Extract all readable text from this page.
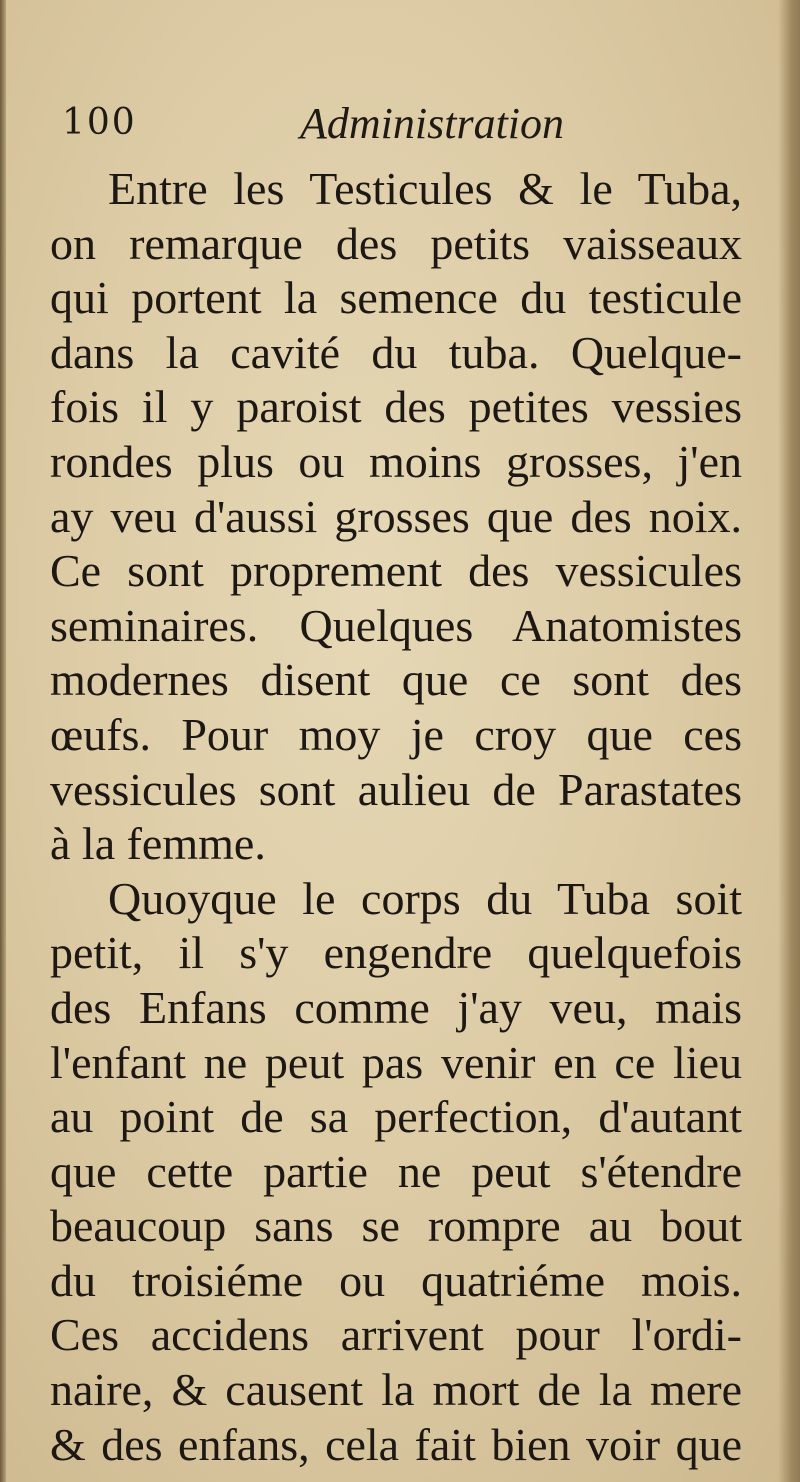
100	Administration
Entre les Testicules & le Tuba,
on remarque des petits vaisseaux
qui portent la semence du testicule
dans la cavité du tuba. Quelque-
fois il y paroist des petites vessies
rondes plus ou moins grosses, j'en
ay veu d'aussi grosses que des noix.
Ce sont proprement des vessicules
seminaires. Quelques Anatomistes
modernes disent que ce sont des
œufs. Pour moy je croy que ces
vessicules sont aulieu de Parastates
à la femme.
Quoyque le corps du Tuba soit
petit, il s'y engendre quelquefois
des Enfans comme j'ay veu, mais
l'enfant ne peut pas venir en ce lieu
au point de sa perfection, d'autant
que cette partie ne peut s'étendre
beaucoup sans se rompre au bout
du troisiéme ou quatriéme mois.
Ces accidens arrivent pour l'ordi-
naire, & causent la mort de la mere
& des enfans, cela fait bien voir que
